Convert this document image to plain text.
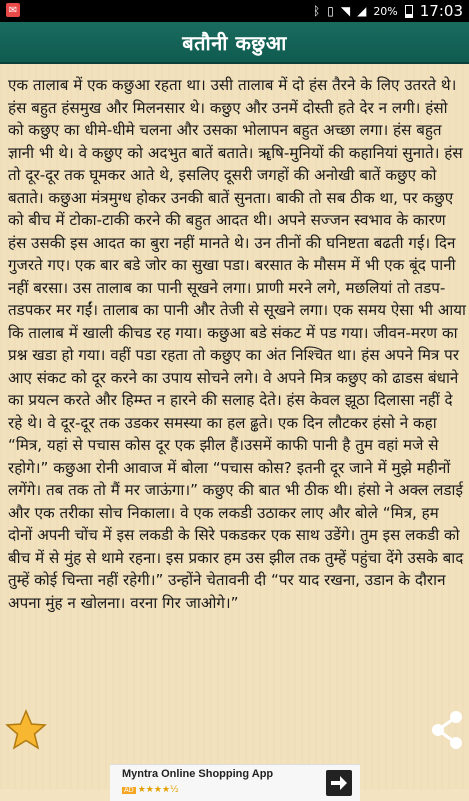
✉	ᛒ ▯ ◥ ◢ 20% 17:03
बतौनी कछुआ

एक तालाब में एक कछुआ रहता था। उसी तालाब में दो हंस तैरने के लिए उतरते थे। हंस बहुत हंसमुख और मिलनसार थे। कछुए और उनमें दोस्ती हते देर न लगी। हंसो को कछुए का धीमे-धीमे चलना और उसका भोलापन बहुत अच्छा लगा। हंस बहुत ज्ञानी भी थे। वे कछुए को अदभुत बातें बताते। ॠषि-मुनियों की कहानियां सुनाते। हंस तो दूर-दूर तक घूमकर आते थे, इसलिए दूसरी जगहों की अनोखी बातें कछुए को बताते। कछुआ मंत्रमुग्ध होकर उनकी बातें सुनता। बाकी तो सब ठीक था, पर कछुए को बीच में टोका-टाकी करने की बहुत आदत थी। अपने सज्जन स्वभाव के कारण हंस उसकी इस आदत का बुरा नहीं मानते थे। उन तीनों की घनिष्टता बढती गई। दिन गुजरते गए। एक बार बडे जोर का सुखा पडा। बरसात के मौसम में भी एक बूंद पानी नहीं बरसा। उस तालाब का पानी सूखने लगा। प्राणी मरने लगे, मछलियां तो तडप-तडपकर मर गईं। तालाब का पानी और तेजी से सूखने लगा। एक समय ऐसा भी आया कि तालाब में खाली कीचड रह गया। कछुआ बडे संकट में पड गया। जीवन-मरण का प्रश्न खडा हो गया। वहीं पडा रहता तो कछुए का अंत निश्चित था। हंस अपने मित्र पर आए संकट को दूर करने का उपाय सोचने लगे। वे अपने मित्र कछुए को ढाडस बंधाने का प्रयत्न करते और हिम्म्त न हारने की सलाह देते। हंस केवल झूठा दिलासा नहीं दे रहे थे। वे दूर-दूर तक उडकर समस्या का हल ढ्ढते। एक दिन लौटकर हंसो ने कहा “मित्र, यहां से पचास कोस दूर एक झील हैं।उसमें काफी पानी है तुम वहां मजे से रहोगे।” कछुआ रोनी आवाज में बोला “पचास कोस? इतनी दूर जाने में मुझे महीनों लगेंगे। तब तक तो मैं मर जाऊंगा।” कछुए की बात भी ठीक थी। हंसो ने अक्ल लडाई और एक तरीका सोच निकाला। वे एक लकडी उठाकर लाए और बोले “मित्र, हम दोनों अपनी चोंच में इस लकडी के सिरे पकडकर एक साथ उडेंगे। तुम इस लकडी को बीच में से मुंह से थामे रहना। इस प्रकार हम उस झील तक तुम्हें पहुंचा देंगे उसके बाद तुम्हें कोई चिन्ता नहीं रहेगी।” उन्होंने चेतावनी दी “पर याद रखना, उडान के दौरान अपना मुंह न खोलना। वरना गिर जाओगे।”

Myntra Online Shopping App
AD ★★★★½
